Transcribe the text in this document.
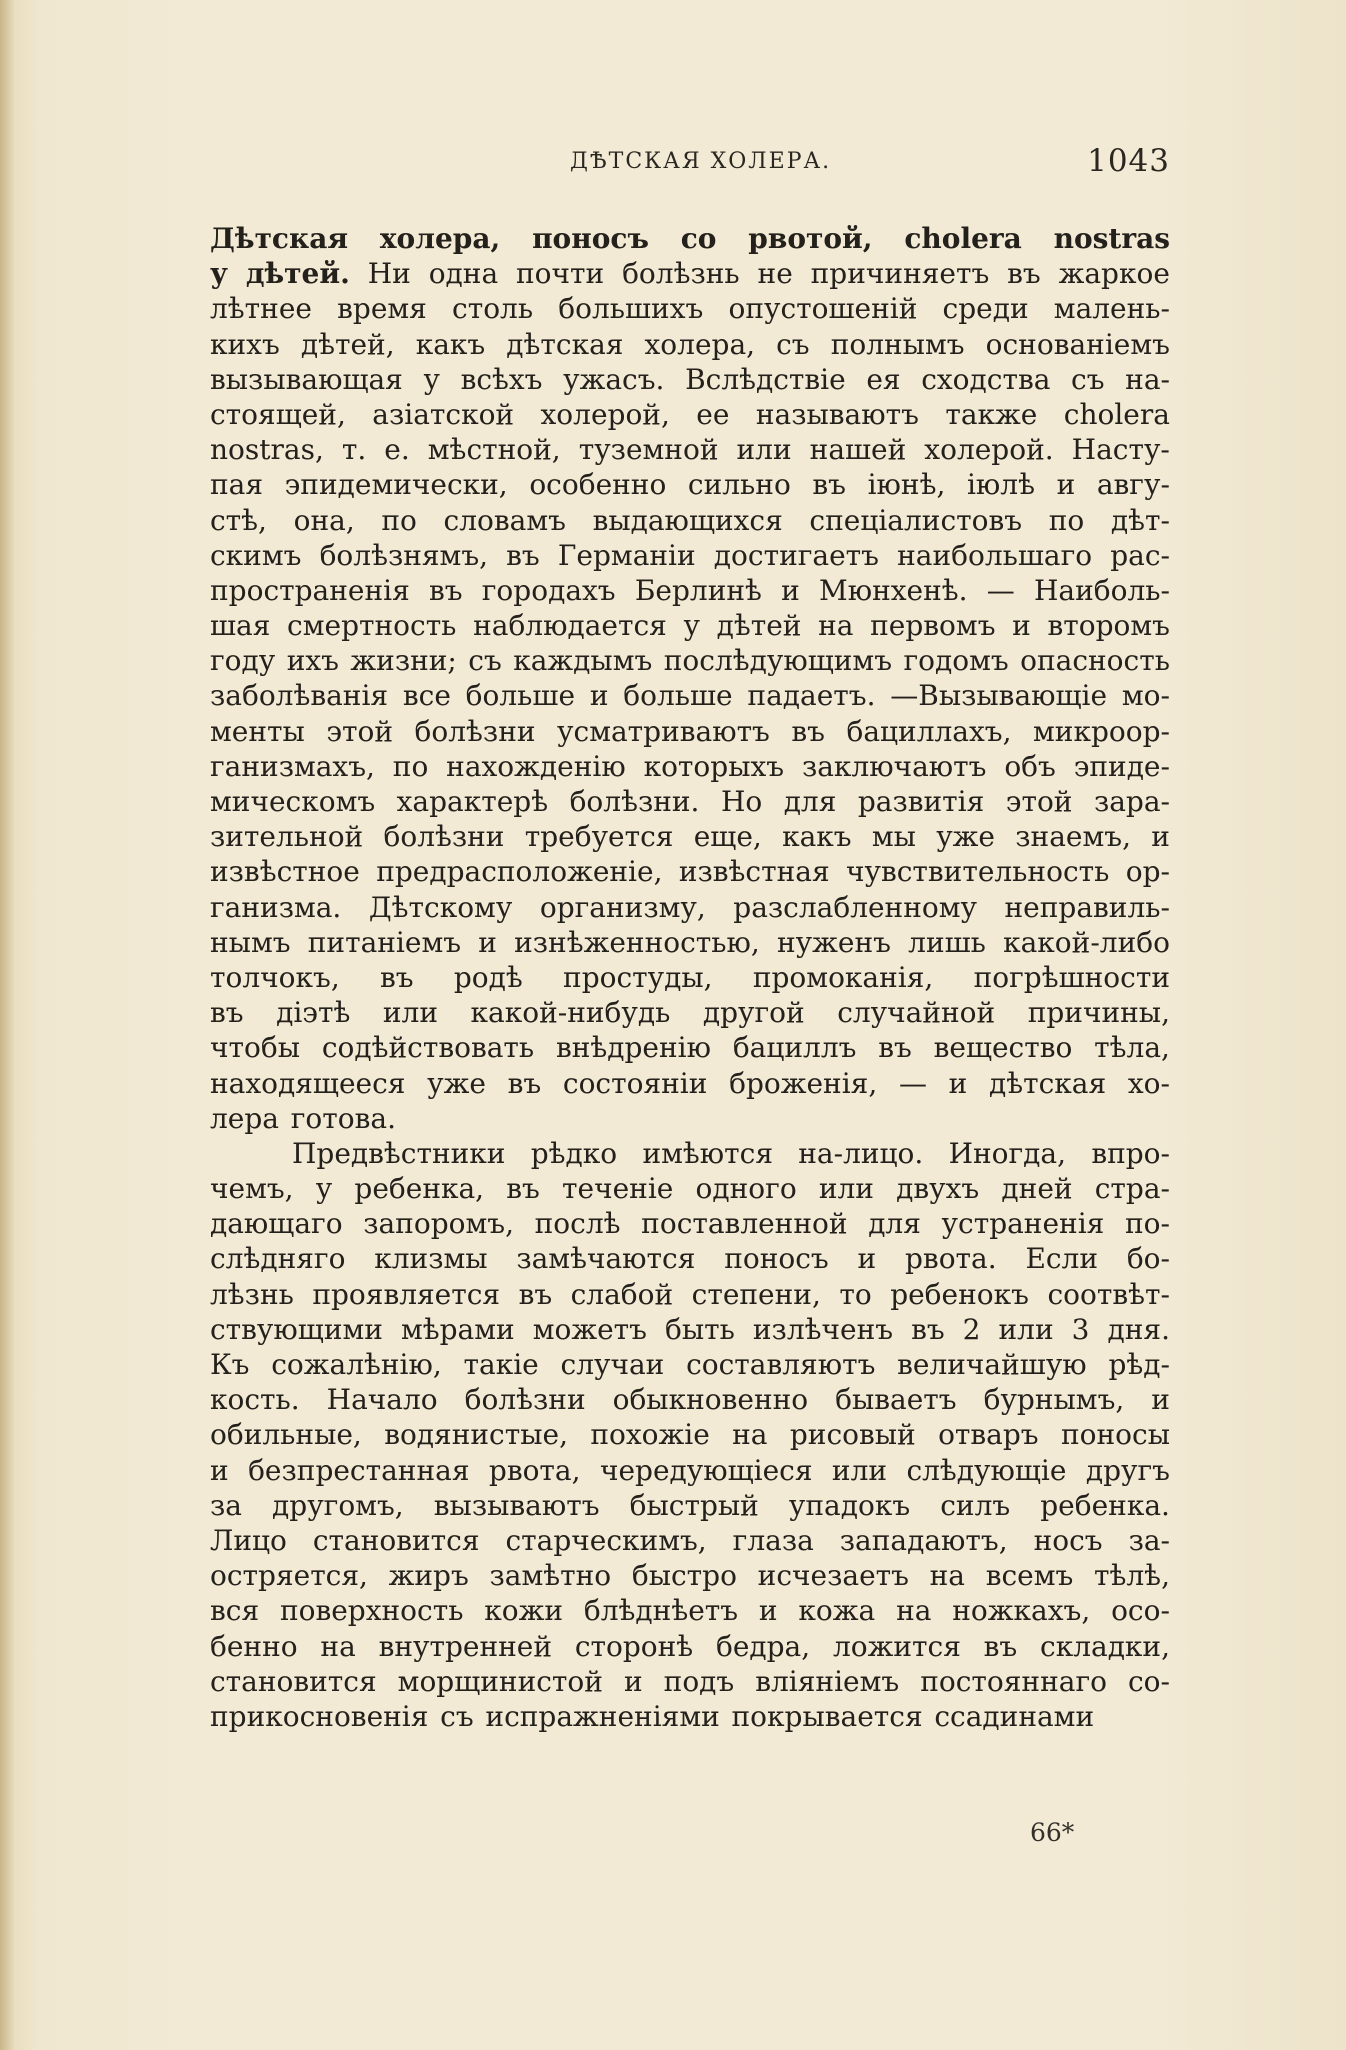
ДѢТСКАЯ ХОЛЕРА.	1043
Дѣтская холера, поносъ со рвотой, cholera nostras
у дѣтей. Ни одна почти болѣзнь не причиняетъ въ жаркое
лѣтнее время столь большихъ опустошеній среди малень-
кихъ дѣтей, какъ дѣтская холера, съ полнымъ основаніемъ
вызывающая у всѣхъ ужасъ. Вслѣдствіе ея сходства съ на-
стоящей, азіатской холерой, ее называютъ также cholera
nostras, т. е. мѣстной, туземной или нашей холерой. Насту-
пая эпидемически, особенно сильно въ іюнѣ, іюлѣ и авгу-
стѣ, она, по словамъ выдающихся спеціалистовъ по дѣт-
скимъ болѣзнямъ, въ Германіи достигаетъ наибольшаго рас-
пространенія въ городахъ Берлинѣ и Мюнхенѣ. — Наиболь-
шая смертность наблюдается у дѣтей на первомъ и второмъ
году ихъ жизни; съ каждымъ послѣдующимъ годомъ опасность
заболѣванія все больше и больше падаетъ. —Вызывающіе мо-
менты этой болѣзни усматриваютъ въ бациллахъ, микроор-
ганизмахъ, по нахожденію которыхъ заключаютъ объ эпиде-
мическомъ характерѣ болѣзни. Но для развитія этой зара-
зительной болѣзни требуется еще, какъ мы уже знаемъ, и
извѣстное предрасположеніе, извѣстная чувствительность ор-
ганизма. Дѣтскому организму, разслабленному неправиль-
нымъ питаніемъ и изнѣженностью, нуженъ лишь какой-либо
толчокъ, въ родѣ простуды, промоканія, погрѣшности
въ діэтѣ или какой-нибудь другой случайной причины,
чтобы содѣйствовать внѣдренію бациллъ въ вещество тѣла,
находящееся уже въ состояніи броженія, — и дѣтская хо-
лера готова.
Предвѣстники рѣдко имѣются на-лицо. Иногда, впро-
чемъ, у ребенка, въ теченіе одного или двухъ дней стра-
дающаго запоромъ, послѣ поставленной для устраненія по-
слѣдняго клизмы замѣчаются поносъ и рвота. Если бо-
лѣзнь проявляется въ слабой степени, то ребенокъ соотвѣт-
ствующими мѣрами можетъ быть излѣченъ въ 2 или 3 дня.
Къ сожалѣнію, такіе случаи составляютъ величайшую рѣд-
кость. Начало болѣзни обыкновенно бываетъ бурнымъ, и
обильные, водянистые, похожіе на рисовый отваръ поносы
и безпрестанная рвота, чередующіеся или слѣдующіе другъ
за другомъ, вызываютъ быстрый упадокъ силъ ребенка.
Лицо становится старческимъ, глаза западаютъ, носъ за-
остряется, жиръ замѣтно быстро исчезаетъ на всемъ тѣлѣ,
вся поверхность кожи блѣднѣетъ и кожа на ножкахъ, осо-
бенно на внутренней сторонѣ бедра, ложится въ складки,
становится морщинистой и подъ вліяніемъ постояннаго со-
прикосновенія съ испражненіями покрывается ссадинами
66*
